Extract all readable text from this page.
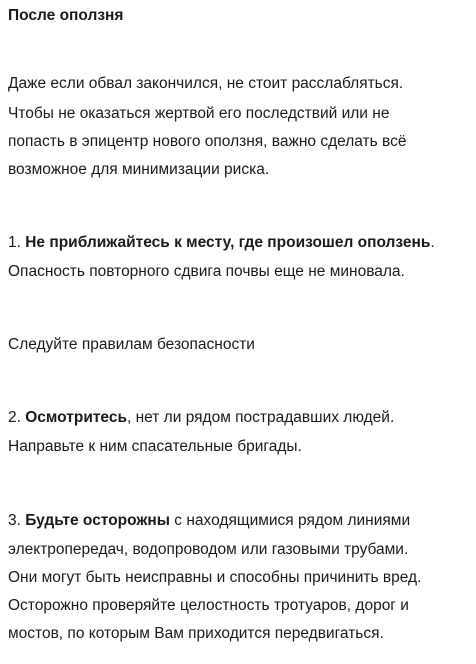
После оползня
Даже если обвал закончился, не стоит расслабляться.
Чтобы не оказаться жертвой его последствий или не
попасть в эпицентр нового оползня, важно сделать всё
возможное для минимизации риска.
1. Не приближайтесь к месту, где произошел оползень.
Опасность повторного сдвига почвы еще не миновала.
Следуйте правилам безопасности
2. Осмотритесь, нет ли рядом пострадавших людей.
Направьте к ним спасательные бригады.
3. Будьте осторожны с находящимися рядом линиями
электропередач, водопроводом или газовыми трубами.
Они могут быть неисправны и способны причинить вред.
Осторожно проверяйте целостность тротуаров, дорог и
мостов, по которым Вам приходится передвигаться.
